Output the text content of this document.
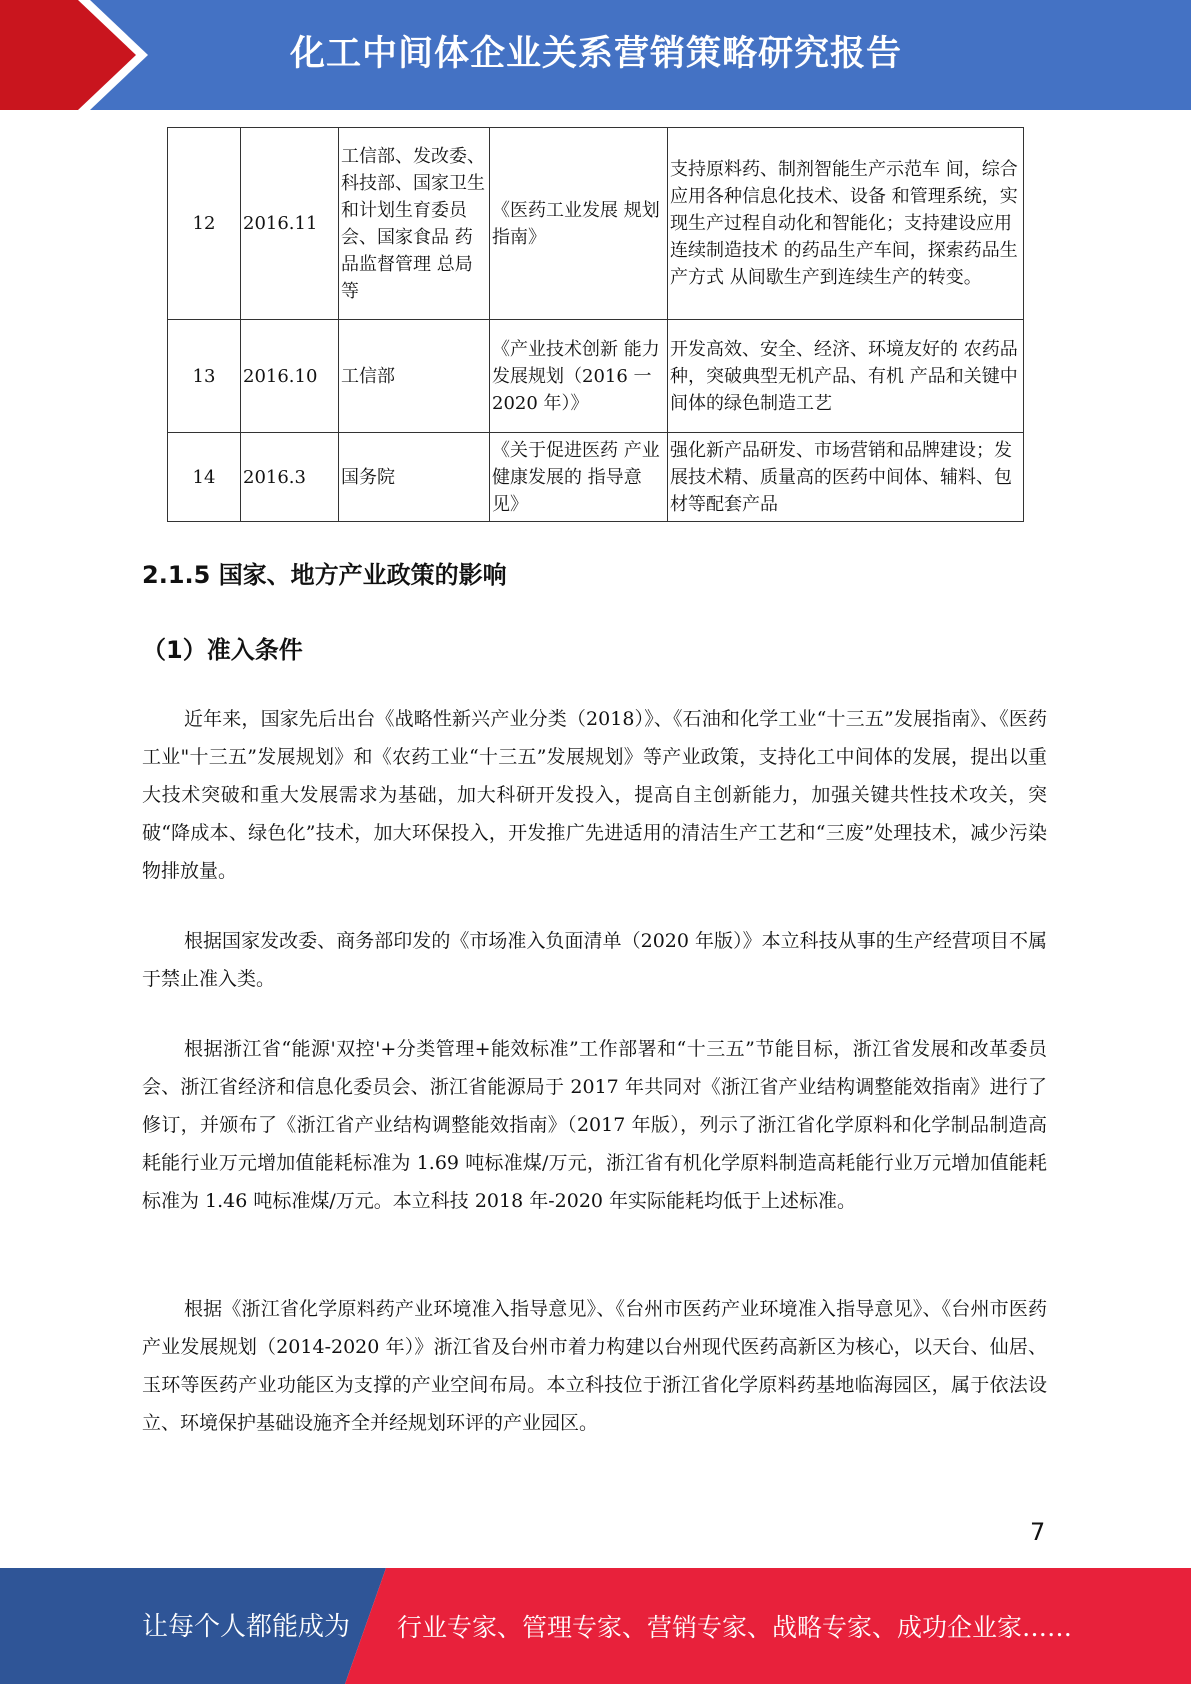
化工中间体企业关系营销策略研究报告
12	2016.11	工信部、发改委、科技部、国家卫生和计划生育委员 会、国家食品 药品监督管理 总局等	《医药工业发展 规划指南》	支持原料药、制剂智能生产示范车 间，综合应用各种信息化技术、设备 和管理系统，实现生产过程自动化和智能化；支持建设应用连续制造技术 的药品生产车间，探索药品生产方式 从间歇生产到连续生产的转变。
13	2016.10	工信部	《产业技术创新 能力发展规划（2016 一 2020 年）》	开发高效、安全、经济、环境友好的 农药品种，突破典型无机产品、有机 产品和关键中间体的绿色制造工艺
14	2016.3	国务院	《关于促进医药 产业健康发展的 指导意见》	强化新产品研发、市场营销和品牌建设；发展技术精、质量高的医药中间体、辅料、包材等配套产品
2.1.5 国家、地方产业政策的影响
（1）准入条件

近年来，国家先后出台《战略性新兴产业分类（2018）》、《石油和化学工业“十三五”发展指南》、《医药工业"十三五”发展规划》和《农药工业“十三五”发展规划》等产业政策，支持化工中间体的发展，提出以重大技术突破和重大发展需求为基础，加大科研开发投入，提高自主创新能力，加强关键共性技术攻关，突破“降成本、绿色化”技术，加大环保投入，开发推广先进适用的清洁生产工艺和“三废”处理技术，减少污染物排放量。

根据国家发改委、商务部印发的《市场准入负面清单（2020 年版）》本立科技从事的生产经营项目不属于禁止准入类。

根据浙江省“能源'双控'+分类管理+能效标准”工作部署和“十三五”节能目标，浙江省发展和改革委员会、浙江省经济和信息化委员会、浙江省能源局于 2017 年共同对《浙江省产业结构调整能效指南》进行了修订，并颁布了《浙江省产业结构调整能效指南》（2017 年版），列示了浙江省化学原料和化学制品制造高耗能行业万元增加值能耗标准为 1.69 吨标准煤/万元，浙江省有机化学原料制造高耗能行业万元增加值能耗标准为 1.46 吨标准煤/万元。本立科技 2018 年-2020 年实际能耗均低于上述标准。

根据《浙江省化学原料药产业环境准入指导意见》、《台州市医药产业环境准入指导意见》、《台州市医药产业发展规划（2014-2020 年）》浙江省及台州市着力构建以台州现代医药高新区为核心，以天台、仙居、玉环等医药产业功能区为支撑的产业空间布局。本立科技位于浙江省化学原料药基地临海园区，属于依法设立、环境保护基础设施齐全并经规划环评的产业园区。

7
让每个人都能成为 行业专家、管理专家、营销专家、战略专家、成功企业家……
